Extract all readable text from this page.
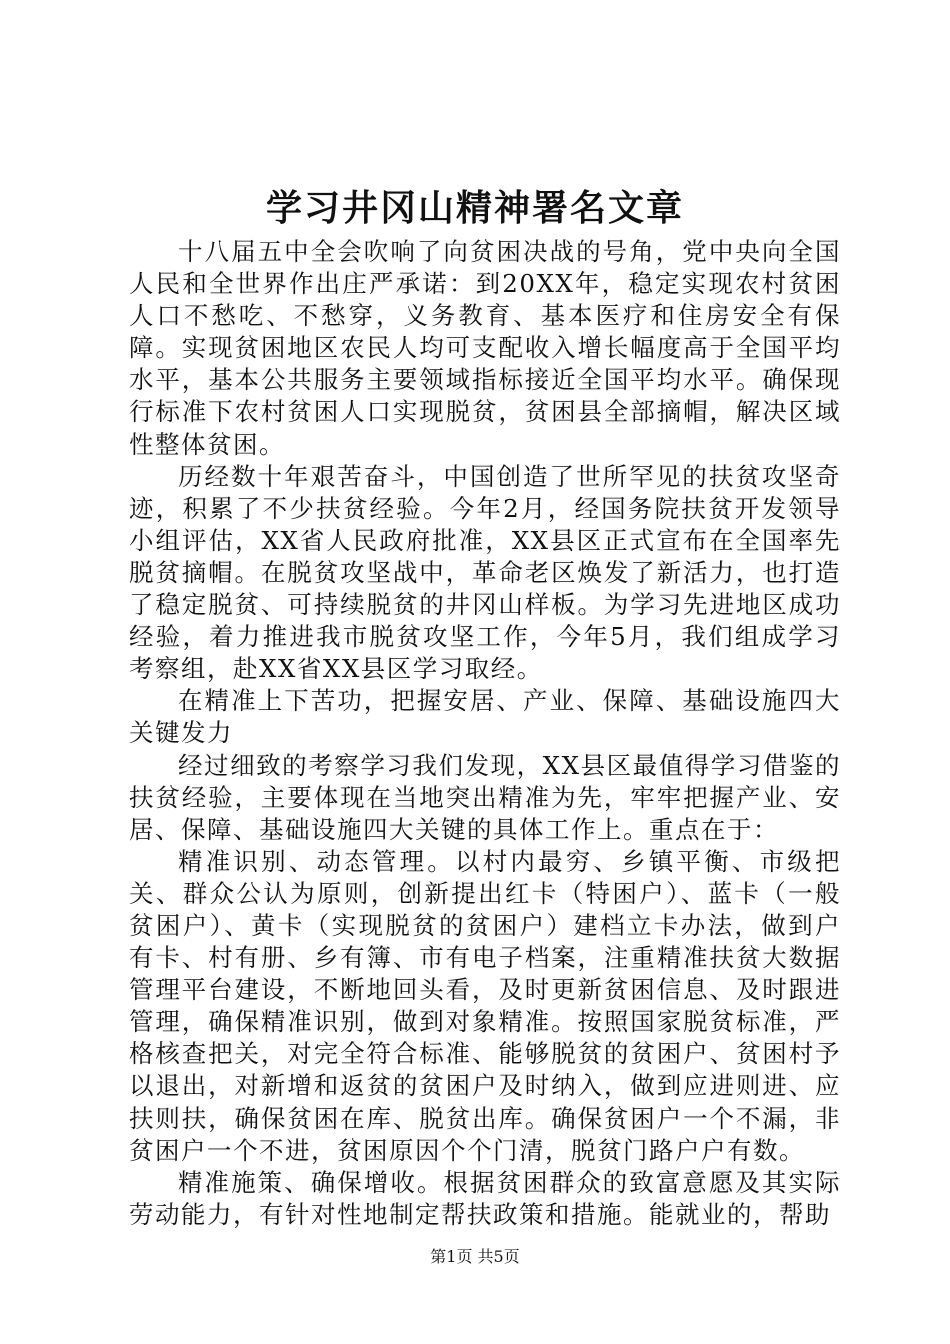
学习井冈山精神署名文章

十八届五中全会吹响了向贫困决战的号角，党中央向全国人民和全世界作出庄严承诺：到20XX年，稳定实现农村贫困人口不愁吃、不愁穿，义务教育、基本医疗和住房安全有保障。实现贫困地区农民人均可支配收入增长幅度高于全国平均水平，基本公共服务主要领域指标接近全国平均水平。确保现行标准下农村贫困人口实现脱贫，贫困县全部摘帽，解决区域性整体贫困。

历经数十年艰苦奋斗，中国创造了世所罕见的扶贫攻坚奇迹，积累了不少扶贫经验。今年2月，经国务院扶贫开发领导小组评估，XX省人民政府批准，XX县区正式宣布在全国率先脱贫摘帽。在脱贫攻坚战中，革命老区焕发了新活力，也打造了稳定脱贫、可持续脱贫的井冈山样板。为学习先进地区成功经验，着力推进我市脱贫攻坚工作，今年5月，我们组成学习考察组，赴XX省XX县区学习取经。

在精准上下苦功，把握安居、产业、保障、基础设施四大关键发力

经过细致的考察学习我们发现，XX县区最值得学习借鉴的扶贫经验，主要体现在当地突出精准为先，牢牢把握产业、安居、保障、基础设施四大关键的具体工作上。重点在于：

精准识别、动态管理。以村内最穷、乡镇平衡、市级把关、群众公认为原则，创新提出红卡（特困户）、蓝卡（一般贫困户）、黄卡（实现脱贫的贫困户）建档立卡办法，做到户有卡、村有册、乡有簿、市有电子档案，注重精准扶贫大数据管理平台建设，不断地回头看，及时更新贫困信息、及时跟进管理，确保精准识别，做到对象精准。按照国家脱贫标准，严格核查把关，对完全符合标准、能够脱贫的贫困户、贫困村予以退出，对新增和返贫的贫困户及时纳入，做到应进则进、应扶则扶，确保贫困在库、脱贫出库。确保贫困户一个不漏，非贫困户一个不进，贫困原因个个门清，脱贫门路户户有数。

精准施策、确保增收。根据贫困群众的致富意愿及其实际劳动能力，有针对性地制定帮扶政策和措施。能就业的，帮助

第1页 共5页
